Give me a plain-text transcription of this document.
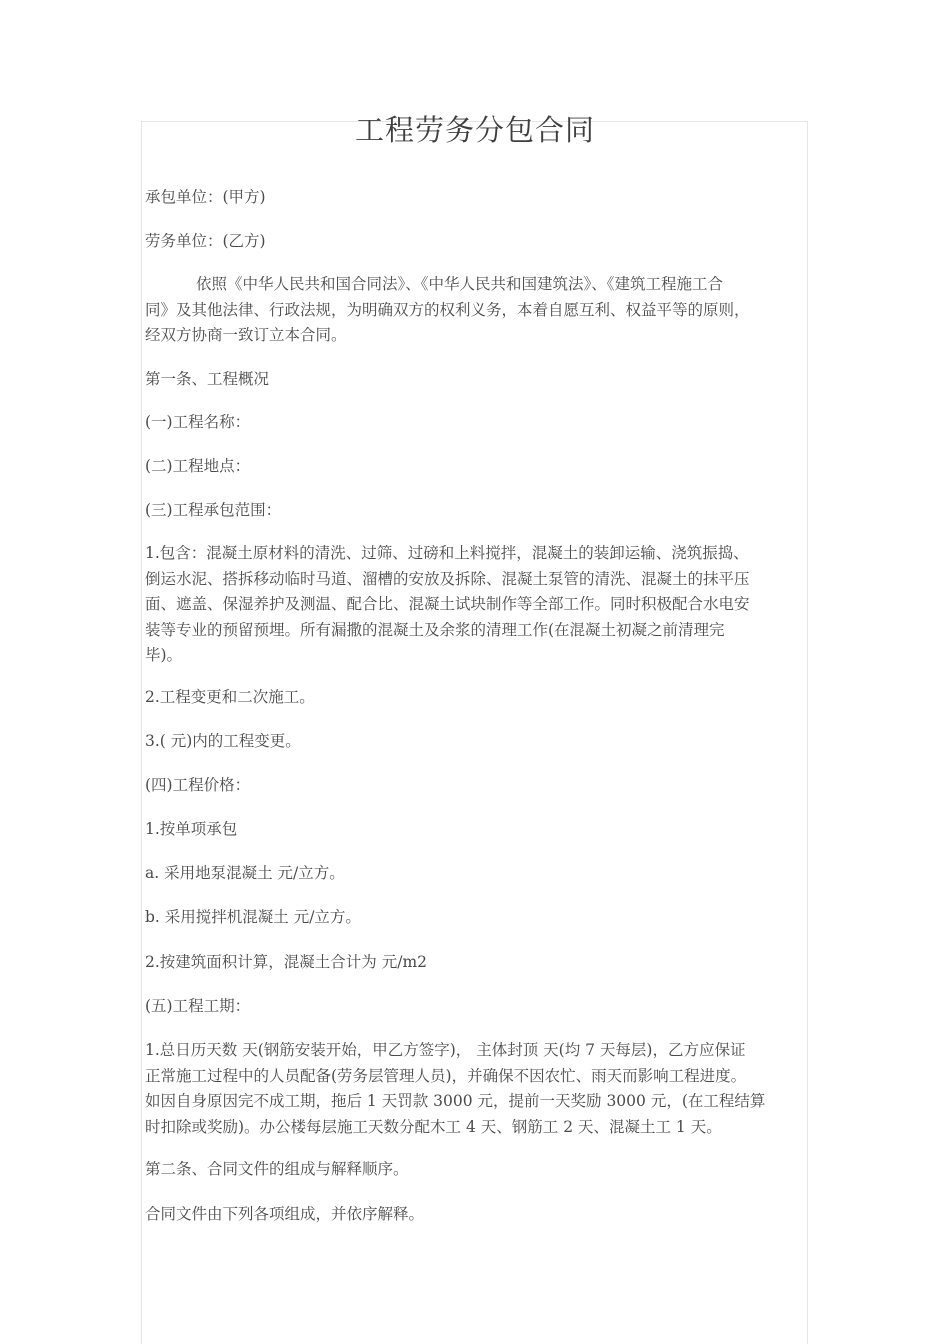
工程劳务分包合同

承包单位：(甲方)

劳务单位：(乙方)

依照《中华人民共和国合同法》、《中华人民共和国建筑法》、《建筑工程施工合
同》及其他法律、行政法规，为明确双方的权利义务，本着自愿互利、权益平等的原则，
经双方协商一致订立本合同。

第一条、工程概况

(一)工程名称：

(二)工程地点：

(三)工程承包范围：

1.包含：混凝土原材料的清洗、过筛、过磅和上料搅拌，混凝土的装卸运输、浇筑振捣、
倒运水泥、搭拆移动临时马道、溜槽的安放及拆除、混凝土泵管的清洗、混凝土的抹平压
面、遮盖、保湿养护及测温、配合比、混凝土试块制作等全部工作。同时积极配合水电安
装等专业的预留预埋。所有漏撒的混凝土及余浆的清理工作(在混凝土初凝之前清理完
毕)。

2.工程变更和二次施工。

3.( 元)内的工程变更。

(四)工程价格：

1.按单项承包

a. 采用地泵混凝土 元/立方。

b. 采用搅拌机混凝土 元/立方。

2.按建筑面积计算，混凝土合计为 元/m2

(五)工程工期：

1.总日历天数 天(钢筋安装开始，甲乙方签字)， 主体封顶 天(均 7 天每层)，乙方应保证
正常施工过程中的人员配备(劳务层管理人员)，并确保不因农忙、雨天而影响工程进度。
如因自身原因完不成工期，拖后 1 天罚款 3000 元，提前一天奖励 3000 元，(在工程结算
时扣除或奖励)。办公楼每层施工天数分配木工 4 天、钢筋工 2 天、混凝土工 1 天。

第二条、合同文件的组成与解释顺序。

合同文件由下列各项组成，并依序解释。
